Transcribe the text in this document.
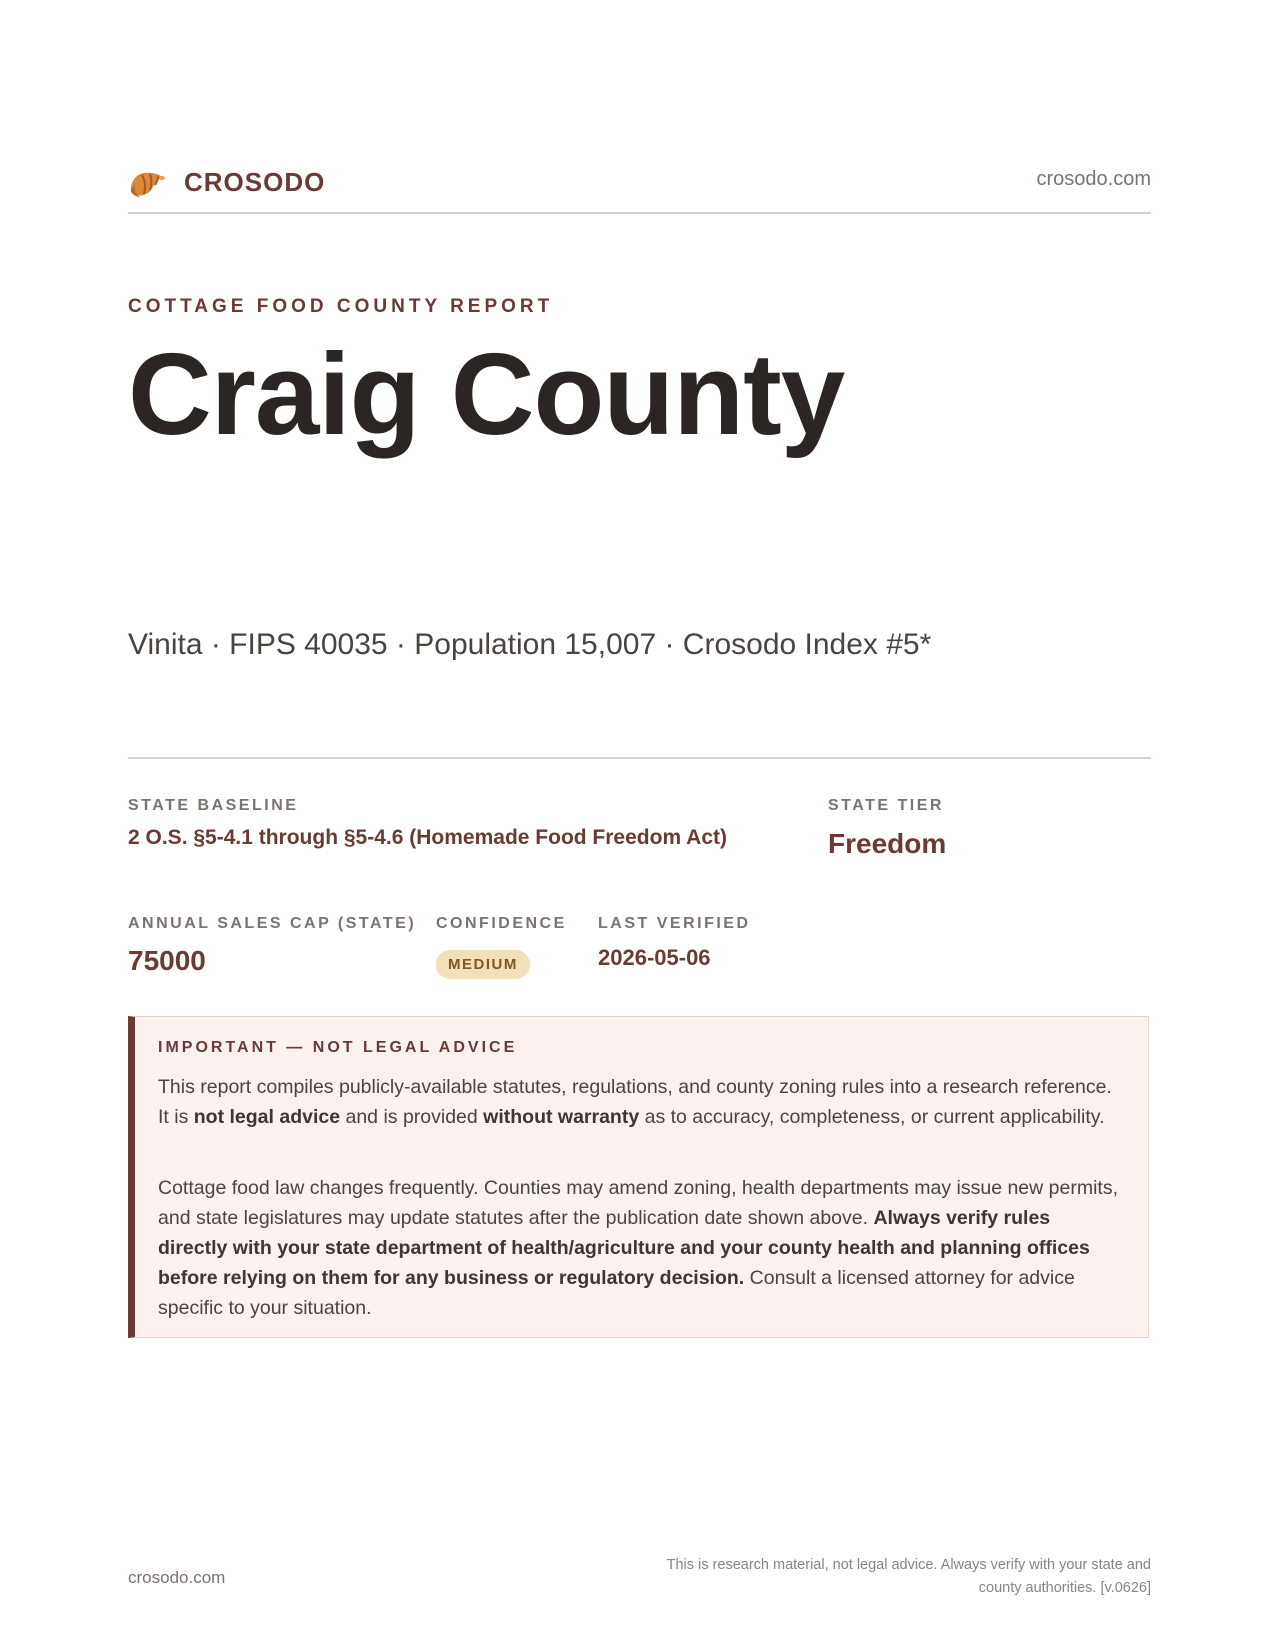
CROSODO	crosodo.com
COTTAGE FOOD COUNTY REPORT
Craig County
Vinita · FIPS 40035 · Population 15,007 · Crosodo Index #5*
STATE BASELINE
2 O.S. §5-4.1 through §5-4.6 (Homemade Food Freedom Act)
STATE TIER
Freedom
ANNUAL SALES CAP (STATE)
75000
CONFIDENCE
MEDIUM
LAST VERIFIED
2026-05-06
IMPORTANT — NOT LEGAL ADVICE

This report compiles publicly-available statutes, regulations, and county zoning rules into a research reference. It is not legal advice and is provided without warranty as to accuracy, completeness, or current applicability.

Cottage food law changes frequently. Counties may amend zoning, health departments may issue new permits, and state legislatures may update statutes after the publication date shown above. Always verify rules directly with your state department of health/agriculture and your county health and planning offices before relying on them for any business or regulatory decision. Consult a licensed attorney for advice specific to your situation.

crosodo.com
This is research material, not legal advice. Always verify with your state and county authorities. [v.0626]
